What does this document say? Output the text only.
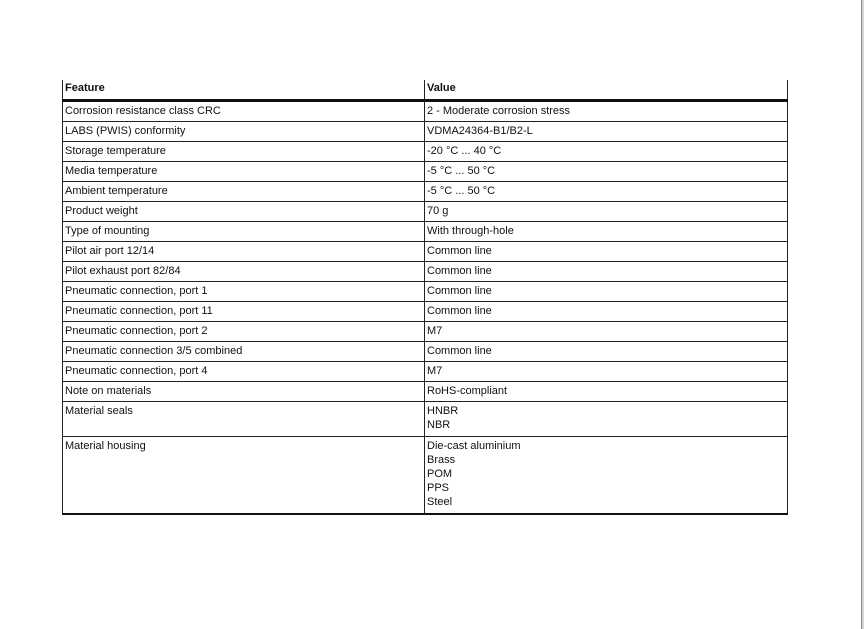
Feature	Value
Corrosion resistance class CRC	2 - Moderate corrosion stress

LABS (PWIS) conformity	VDMA24364-B1/B2-L

Storage temperature	-20 °C ... 40 °C

Media temperature	-5 °C ... 50 °C

Ambient temperature	-5 °C ... 50 °C

Product weight	70 g

Type of mounting	With through-hole

Pilot air port 12/14	Common line

Pilot exhaust port 82/84	Common line

Pneumatic connection, port 1	Common line

Pneumatic connection, port 11	Common line

Pneumatic connection, port 2	M7

Pneumatic connection 3/5 combined	Common line

Pneumatic connection, port 4	M7

Note on materials	RoHS-compliant

Material seals	HNBR
NBR

Material housing	Die-cast aluminium
Brass
POM
PPS
Steel
